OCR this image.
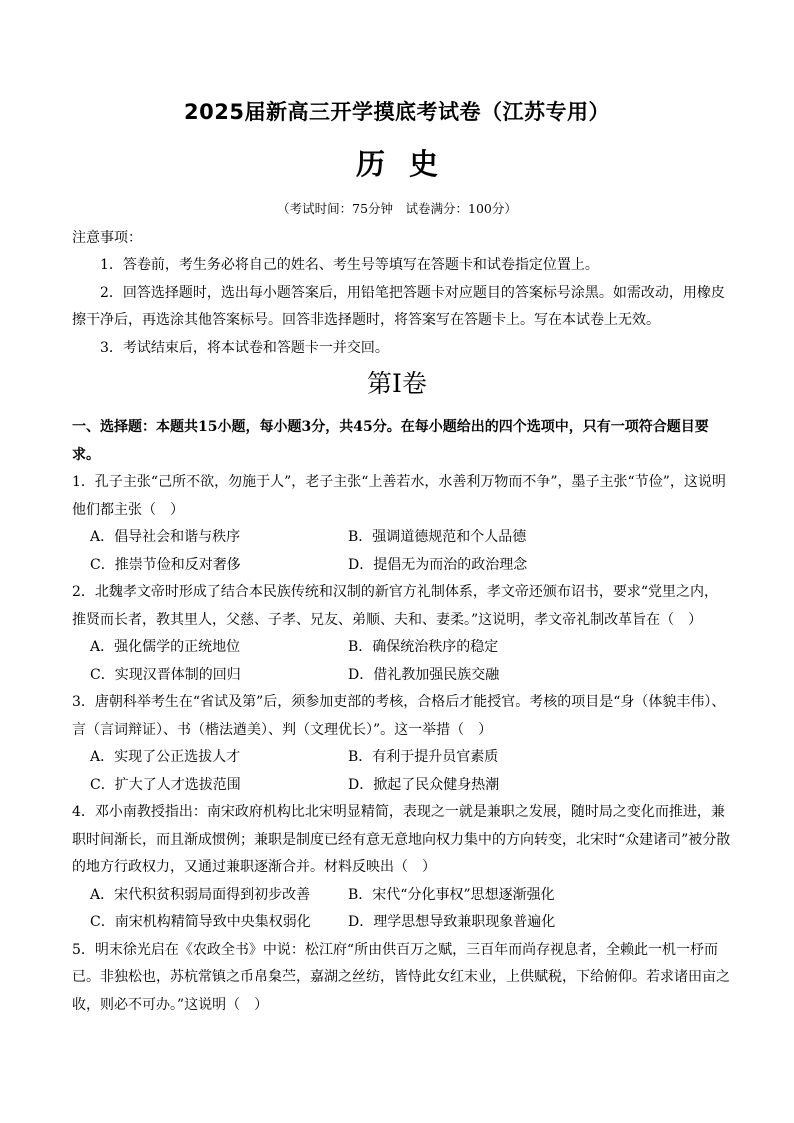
2025届新高三开学摸底考试卷（江苏专用）
历史
（考试时间：75分钟　试卷满分：100分）
注意事项：

1．答卷前，考生务必将自己的姓名、考生号等填写在答题卡和试卷指定位置上。

2．回答选择题时，选出每小题答案后，用铅笔把答题卡对应题目的答案标号涂黑。如需改动，用橡皮擦干净后，再选涂其他答案标号。回答非选择题时，将答案写在答题卡上。写在本试卷上无效。

3．考试结束后，将本试卷和答题卡一并交回。

第Ⅰ卷

一、选择题：本题共15小题，每小题3分，共45分。在每小题给出的四个选项中，只有一项符合题目要求。

1．孔子主张“己所不欲，勿施于人”，老子主张“上善若水，水善利万物而不争”，墨子主张“节俭”，这说明他们都主张（　）

A．倡导社会和谐与秩序	B．强调道德规范和个人品德
C．推崇节俭和反对奢侈	D．提倡无为而治的政治理念

2．北魏孝文帝时形成了结合本民族传统和汉制的新官方礼制体系，孝文帝还颁布诏书，要求“党里之内，推贤而长者，教其里人，父慈、子孝、兄友、弟顺、夫和、妻柔。”这说明，孝文帝礼制改革旨在（　）

A．强化儒学的正统地位	B．确保统治秩序的稳定
C．实现汉晋体制的回归	D．借礼教加强民族交融

3．唐朝科举考生在“省试及第”后，须参加吏部的考核，合格后才能授官。考核的项目是“身（体貌丰伟）、言（言词辩证）、书（楷法遒美）、判（文理优长）”。这一举措（　）

A．实现了公正选拔人才	B．有利于提升员官素质
C．扩大了人才选拔范围	D．掀起了民众健身热潮

4．邓小南教授指出：南宋政府机构比北宋明显精简，表现之一就是兼职之发展，随时局之变化而推进，兼职时间渐长，而且渐成惯例；兼职是制度已经有意无意地向权力集中的方向转变，北宋时“众建诸司”被分散的地方行政权力，又通过兼职逐渐合并。材料反映出（　）

A．宋代积贫积弱局面得到初步改善	B．宋代“分化事权”思想逐渐强化
C．南宋机构精简导致中央集权弱化	D．理学思想导致兼职现象普遍化

5．明末徐光启在《农政全书》中说：松江府“所由供百万之赋，三百年而尚存视息者，全赖此一机一杼而已。非独松也，苏杭常镇之币帛枲苎，嘉湖之丝纺，皆恃此女红末业，上供赋税，下给俯仰。若求诸田亩之收，则必不可办。”这说明（　）
